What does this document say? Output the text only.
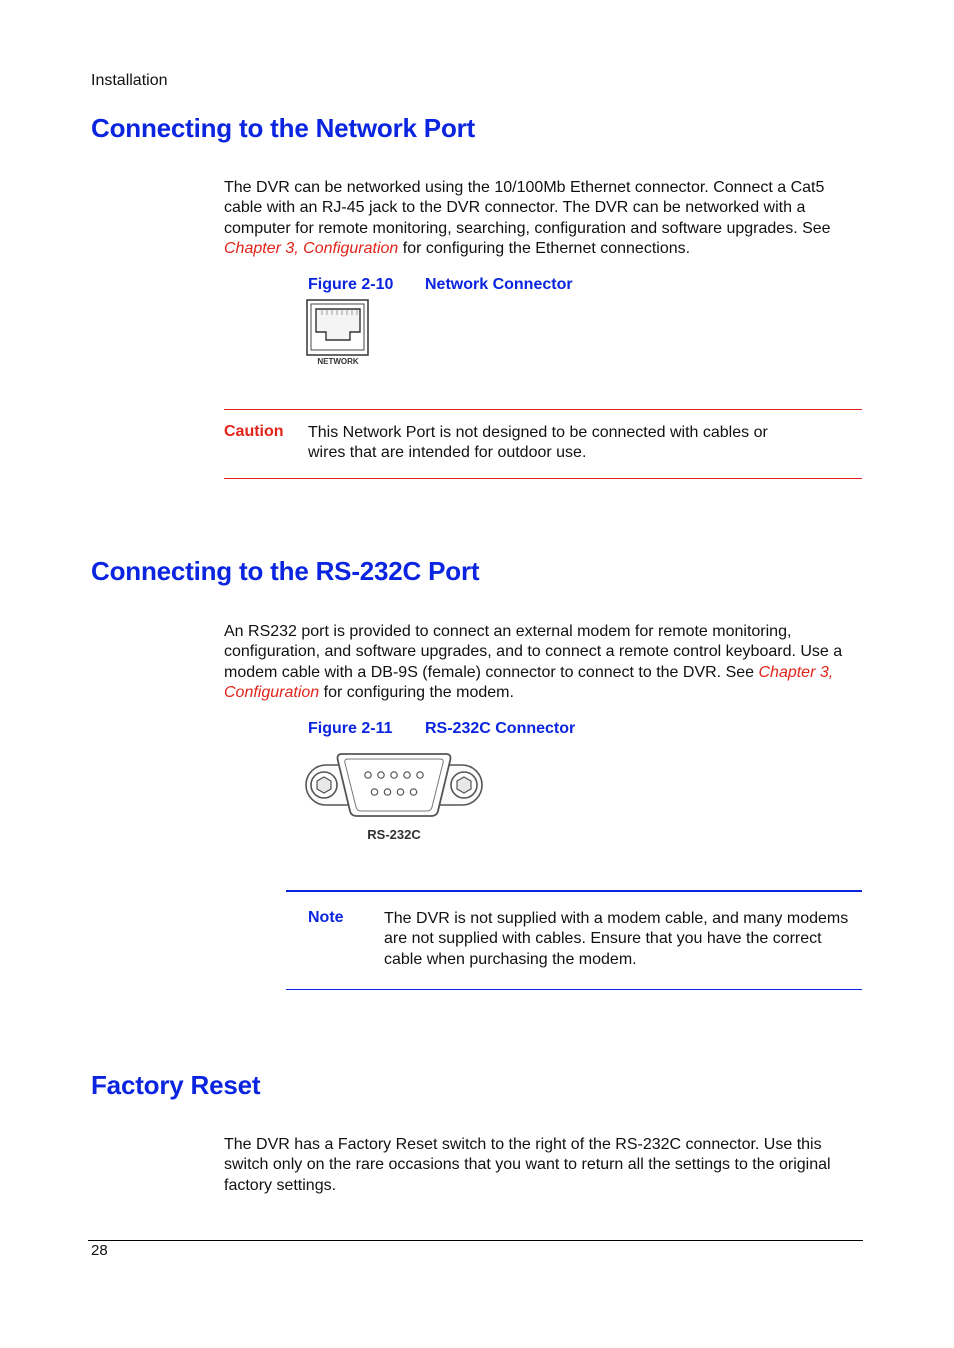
Installation
Connecting to the Network Port

The DVR can be networked using the 10/100Mb Ethernet connector. Connect a Cat5 cable with an RJ-45 jack to the DVR connector. The DVR can be networked with a computer for remote monitoring, searching, configuration and software upgrades. See Chapter 3, Configuration for configuring the Ethernet connections.

Figure 2-10 Network Connector
NETWORK
Caution This Network Port is not designed to be connected with cables or wires that are intended for outdoor use.
Connecting to the RS-232C Port

An RS232 port is provided to connect an external modem for remote monitoring, configuration, and software upgrades, and to connect a remote control keyboard. Use a modem cable with a DB-9S (female) connector to connect to the DVR. See Chapter 3, Configuration for configuring the modem.

Figure 2-11 RS-232C Connector
RS-232C
Note	The DVR is not supplied with a modem cable, and many modems are not supplied with cables. Ensure that you have the correct cable when purchasing the modem.
Factory Reset

The DVR has a Factory Reset switch to the right of the RS-232C connector. Use this switch only on the rare occasions that you want to return all the settings to the original factory settings.

28
